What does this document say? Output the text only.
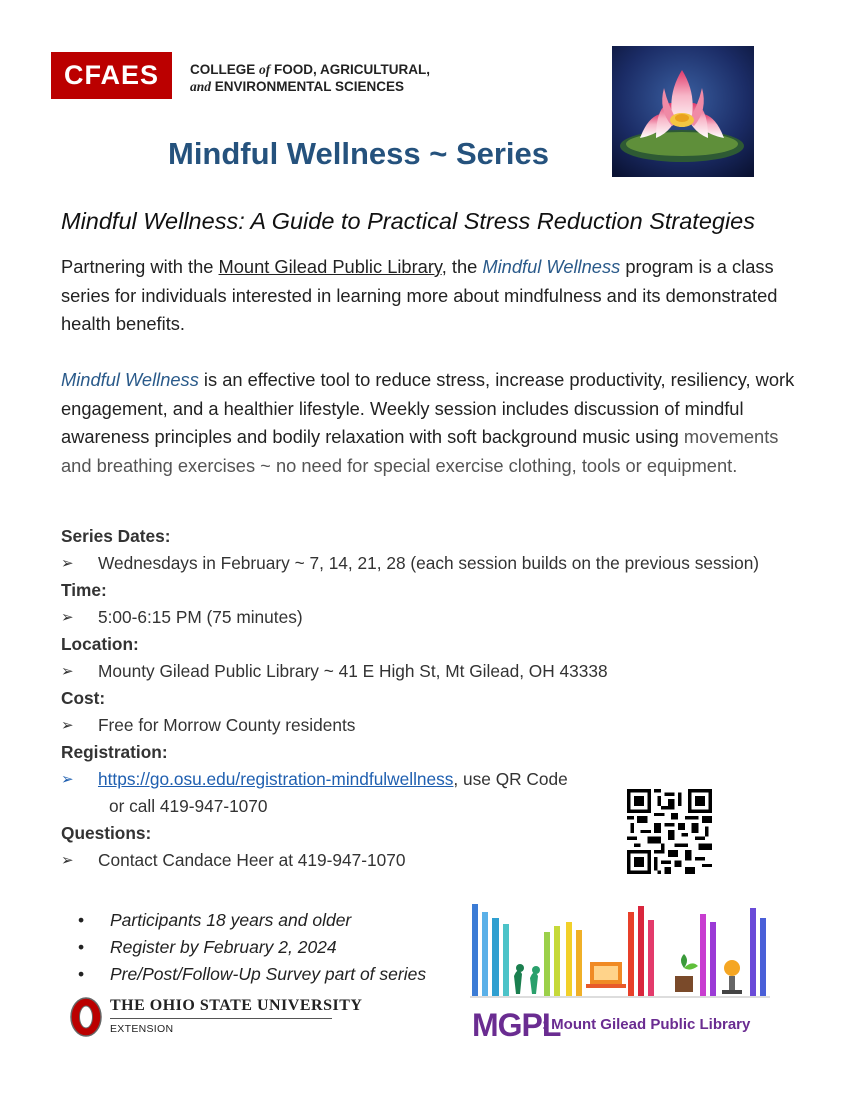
CFAES COLLEGE of FOOD, AGRICULTURAL,
and ENVIRONMENTAL SCIENCES
Mindful Wellness ~ Series
Mindful Wellness: A Guide to Practical Stress Reduction Strategies
Partnering with the Mount Gilead Public Library, the Mindful Wellness program is a class series for individuals interested in learning more about mindfulness and its demonstrated health benefits.
Mindful Wellness is an effective tool to reduce stress, increase productivity, resiliency, work engagement, and a healthier lifestyle. Weekly session includes discussion of mindful awareness principles and bodily relaxation with soft background music using movements and breathing exercises ~ no need for special exercise clothing, tools or equipment.
Series Dates:
➢ Wednesdays in February ~ 7, 14, 21, 28 (each session builds on the previous session)
Time:
➢ 5:00-6:15 PM (75 minutes)
Location:
➢ Mounty Gilead Public Library ~ 41 E High St, Mt Gilead, OH 43338
Cost:
➢ Free for Morrow County residents
Registration:
➢ https://go.osu.edu/registration-mindfulwellness, use QR Code
or call 419-947-1070
Questions:
➢ Contact Candace Heer at 419-947-1070
• Participants 18 years and older
• Register by February 2, 2024
• Pre/Post/Follow-Up Survey part of series
THE OHIO STATE UNIVERSITY
EXTENSION	MGPL
: Mount Gilead Public Library
